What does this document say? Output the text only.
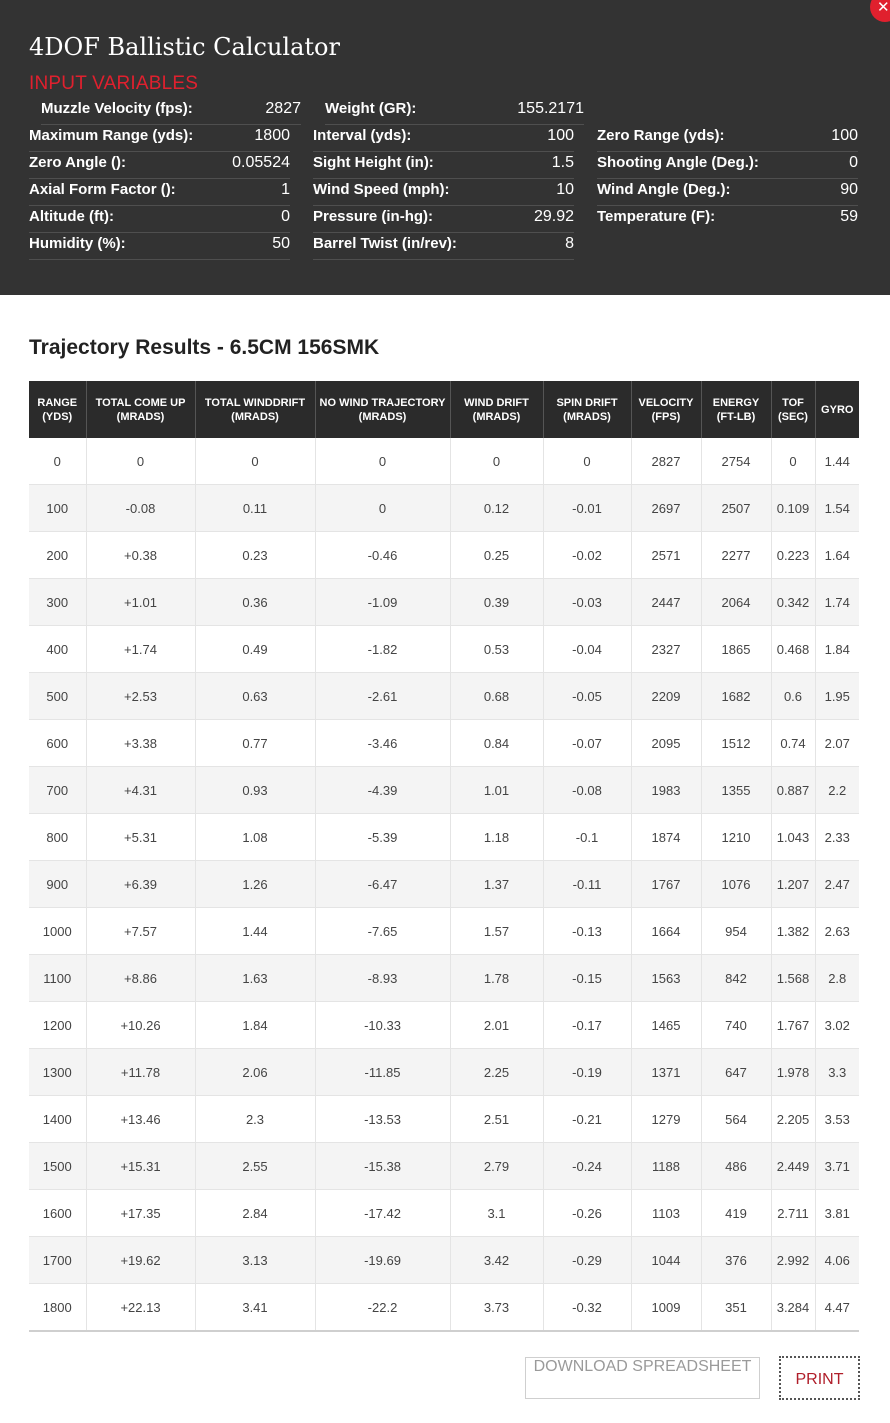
✕
4DOF Ballistic Calculator
INPUT VARIABLES
Muzzle Velocity (fps):	2827 Weight (GR):	155.2171
Maximum Range (yds):	1800 Interval (yds):	100 Zero Range (yds):	100
Zero Angle ():	0.05524 Sight Height (in):	1.5 Shooting Angle (Deg.):	0
Axial Form Factor ():	1 Wind Speed (mph):	10 Wind Angle (Deg.):	90
Altitude (ft):	0 Pressure (in-hg):	29.92 Temperature (F):	59
Humidity (%):	50 Barrel Twist (in/rev):	8
Trajectory Results - 6.5CM 156SMK
RANGE (YDS)	TOTAL COME UP (MRADS)	TOTAL WINDDRIFT (MRADS)	NO WIND TRAJECTORY (MRADS)	WIND DRIFT (MRADS)	SPIN DRIFT (MRADS)	VELOCITY (FPS)	ENERGY (FT-LB)	TOF (SEC)	GYRO
0	0	0	0	0	0	2827	2754	0	1.44
100	-0.08	0.11	0	0.12	-0.01	2697	2507	0.109	1.54
200	+0.38	0.23	-0.46	0.25	-0.02	2571	2277	0.223	1.64
300	+1.01	0.36	-1.09	0.39	-0.03	2447	2064	0.342	1.74
400	+1.74	0.49	-1.82	0.53	-0.04	2327	1865	0.468	1.84
500	+2.53	0.63	-2.61	0.68	-0.05	2209	1682	0.6	1.95
600	+3.38	0.77	-3.46	0.84	-0.07	2095	1512	0.74	2.07
700	+4.31	0.93	-4.39	1.01	-0.08	1983	1355	0.887	2.2
800	+5.31	1.08	-5.39	1.18	-0.1	1874	1210	1.043	2.33
900	+6.39	1.26	-6.47	1.37	-0.11	1767	1076	1.207	2.47
1000	+7.57	1.44	-7.65	1.57	-0.13	1664	954	1.382	2.63
1100	+8.86	1.63	-8.93	1.78	-0.15	1563	842	1.568	2.8
1200	+10.26	1.84	-10.33	2.01	-0.17	1465	740	1.767	3.02
1300	+11.78	2.06	-11.85	2.25	-0.19	1371	647	1.978	3.3
1400	+13.46	2.3	-13.53	2.51	-0.21	1279	564	2.205	3.53
1500	+15.31	2.55	-15.38	2.79	-0.24	1188	486	2.449	3.71
1600	+17.35	2.84	-17.42	3.1	-0.26	1103	419	2.711	3.81
1700	+19.62	3.13	-19.69	3.42	-0.29	1044	376	2.992	4.06
1800	+22.13	3.41	-22.2	3.73	-0.32	1009	351	3.284	4.47
DOWNLOAD SPREADSHEET
PRINT
